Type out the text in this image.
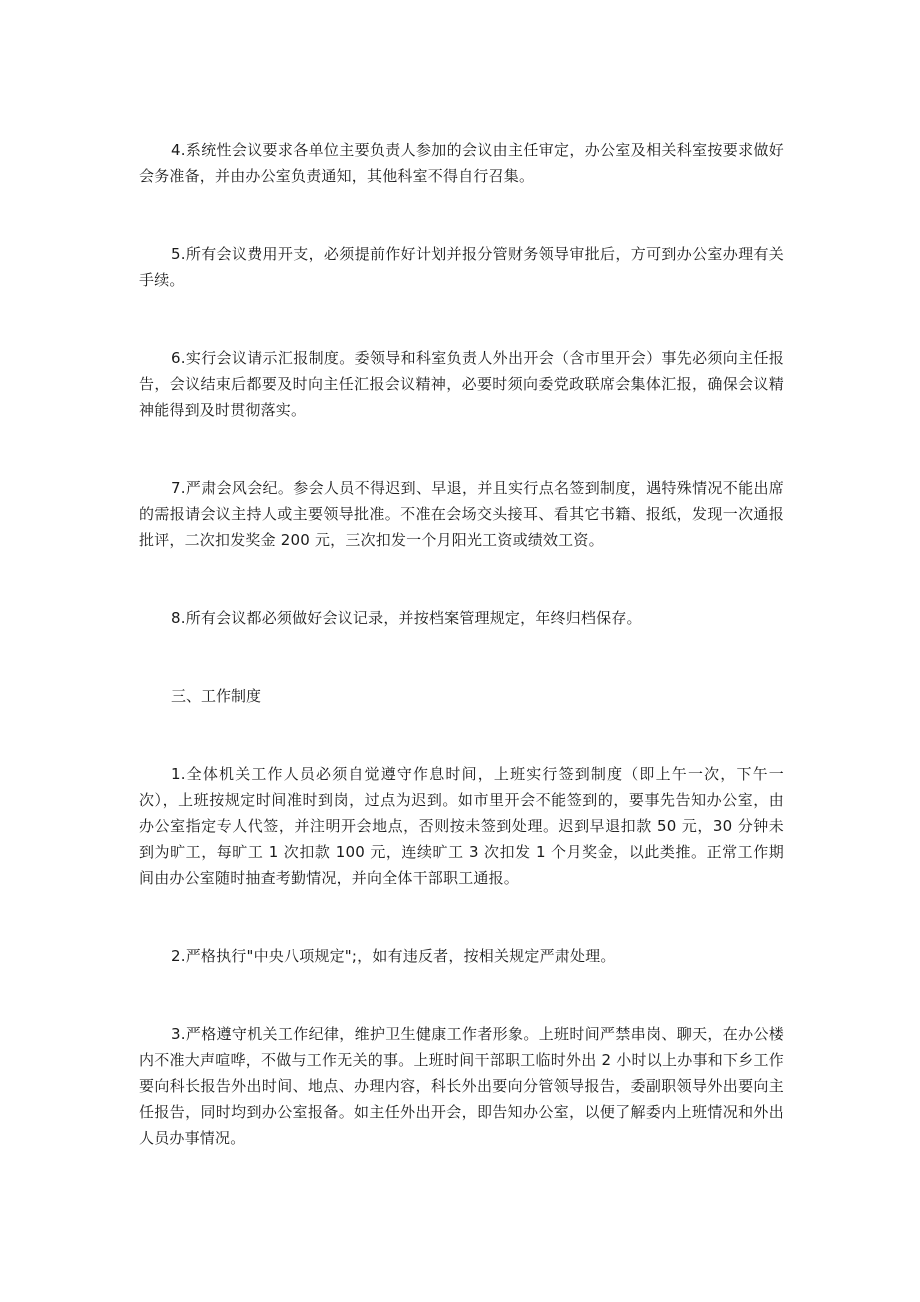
4.系统性会议要求各单位主要负责人参加的会议由主任审定，办公室及相关科室按要求做好会务准备，并由办公室负责通知，其他科室不得自行召集。

5.所有会议费用开支，必须提前作好计划并报分管财务领导审批后，方可到办公室办理有关手续。

6.实行会议请示汇报制度。委领导和科室负责人外出开会（含市里开会）事先必须向主任报告，会议结束后都要及时向主任汇报会议精神，必要时须向委党政联席会集体汇报，确保会议精神能得到及时贯彻落实。

7.严肃会风会纪。参会人员不得迟到、早退，并且实行点名签到制度，遇特殊情况不能出席的需报请会议主持人或主要领导批准。不准在会场交头接耳、看其它书籍、报纸，发现一次通报批评，二次扣发奖金 200 元，三次扣发一个月阳光工资或绩效工资。

8.所有会议都必须做好会议记录，并按档案管理规定，年终归档保存。

三、工作制度

1.全体机关工作人员必须自觉遵守作息时间，上班实行签到制度（即上午一次，下午一次），上班按规定时间准时到岗，过点为迟到。如市里开会不能签到的，要事先告知办公室，由办公室指定专人代签，并注明开会地点，否则按未签到处理。迟到早退扣款 50 元，30 分钟未到为旷工，每旷工 1 次扣款 100 元，连续旷工 3 次扣发 1 个月奖金，以此类推。正常工作期间由办公室随时抽查考勤情况，并向全体干部职工通报。

2.严格执行"中央八项规定";，如有违反者，按相关规定严肃处理。

3.严格遵守机关工作纪律，维护卫生健康工作者形象。上班时间严禁串岗、聊天，在办公楼内不准大声喧哗，不做与工作无关的事。上班时间干部职工临时外出 2 小时以上办事和下乡工作要向科长报告外出时间、地点、办理内容，科长外出要向分管领导报告，委副职领导外出要向主任报告，同时均到办公室报备。如主任外出开会，即告知办公室，以便了解委内上班情况和外出人员办事情况。
